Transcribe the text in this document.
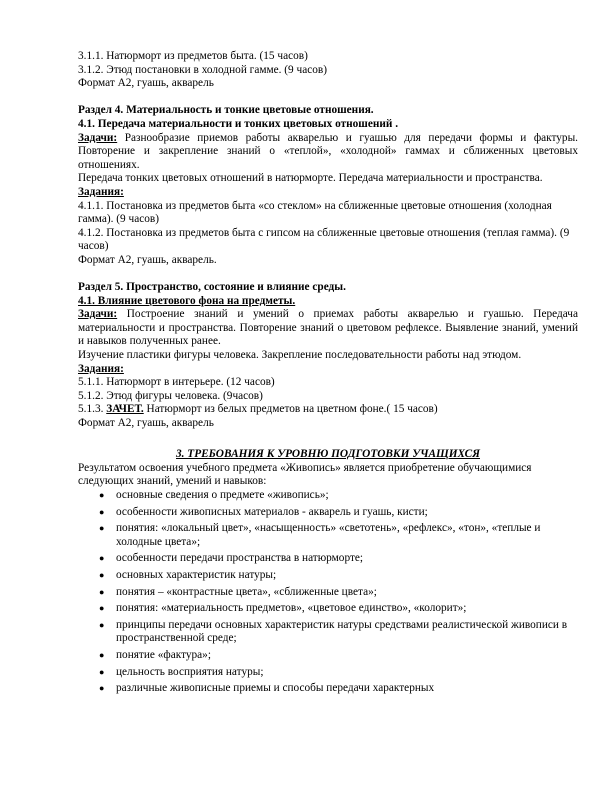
3.1.1. Натюрморт из предметов быта. (15 часов)

3.1.2. Этюд постановки в холодной гамме. (9 часов)

Формат А2, гуашь, акварель

Раздел 4. Материальность и тонкие цветовые отношения.

4.1. Передача материальности и тонких цветовых отношений .

Задачи: Разнообразие приемов работы акварелью и гуашью для передачи формы и фактуры. Повторение и закрепление знаний о «теплой», «холодной» гаммах и сближенных цветовых отношениях.

Передача тонких цветовых отношений в натюрморте. Передача материальности и пространства.

Задания:

4.1.1. Постановка из предметов быта «со стеклом» на сближенные цветовые отношения (холодная гамма). (9 часов)

4.1.2. Постановка из предметов быта с гипсом на сближенные цветовые отношения (теплая гамма). (9 часов)

Формат А2, гуашь, акварель.

Раздел 5. Пространство, состояние и влияние среды.

4.1. Влияние цветового фона на предметы.

Задачи: Построение знаний и умений о приемах работы акварелью и гуашью. Передача материальности и пространства. Повторение знаний о цветовом рефлексе. Выявление знаний, умений и навыков полученных ранее.

Изучение пластики фигуры человека. Закрепление последовательности работы над этюдом.

Задания:

5.1.1. Натюрморт в интерьере. (12 часов)

5.1.2. Этюд фигуры человека. (9часов)

5.1.3. ЗАЧЕТ. Натюрморт из белых предметов на цветном фоне.( 15 часов)

Формат А2, гуашь, акварель

3. ТРЕБОВАНИЯ К УРОВНЮ ПОДГОТОВКИ УЧАЩИХСЯ

Результатом освоения учебного предмета «Живопись» является приобретение обучающимися следующих знаний, умений и навыков:

● основные сведения о предмете «живопись»;
● особенности живописных материалов - акварель и гуашь, кисти;
● понятия: «локальный цвет», «насыщенность» «светотень», «рефлекс», «тон», «теплые и холодные цвета»;
● особенности передачи пространства в натюрморте;
● основных характеристик натуры;
● понятия – «контрастные цвета», «сближенные цвета»;
● понятия: «материальность предметов», «цветовое единство», «колорит»;
● принципы передачи основных характеристик натуры средствами реалистической живописи в пространственной среде;
● понятие «фактура»;
● цельность восприятия натуры;
● различные живописные приемы и способы передачи характерных
